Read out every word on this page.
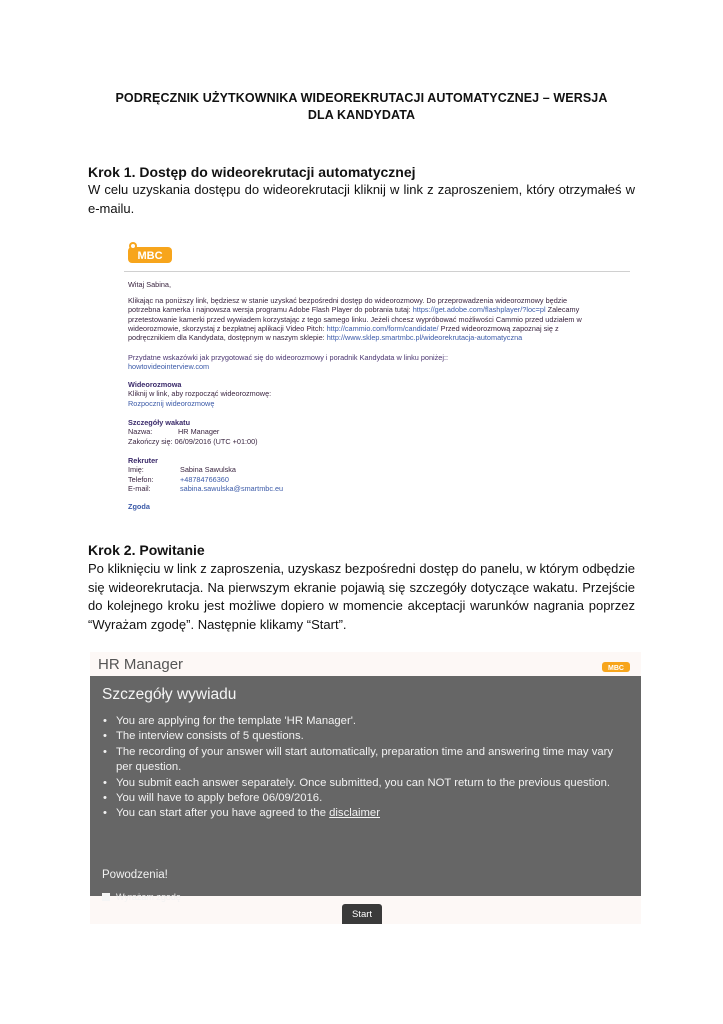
PODRĘCZNIK UŻYTKOWNIKA WIDEOREKRUTACJI AUTOMATYCZNEJ – WERSJA
DLA KANDYDATA
Krok 1. Dostęp do wideorekrutacji automatycznej
W celu uzyskania dostępu do wideorekrutacji kliknij w link z zaproszeniem, który otrzymałeś w e-mailu.
MBC
Witaj Sabina,
Klikając na poniższy link, będziesz w stanie uzyskać bezpośredni dostęp do wideorozmowy. Do przeprowadzenia wideorozmowy będzie
potrzebna kamerka i najnowsza wersja programu Adobe Flash Player do pobrania tutaj: https://get.adobe.com/flashplayer/?loc=pl Zalecamy
przetestowanie kamerki przed wywiadem korzystając z tego samego linku. Jeżeli chcesz wypróbować możliwości Cammio przed udziałem w
wideorozmowie, skorzystaj z bezpłatnej aplikacji Video Pitch: http://cammio.com/form/candidate/ Przed wideorozmową zapoznaj się z
podręcznikiem dla Kandydata, dostępnym w naszym sklepie: http://www.sklep.smartmbc.pl/wideorekrutacja-automatyczna
Przydatne wskazówki jak przygotować się do wideorozmowy i poradnik Kandydata w linku poniżej::
howtovideointerview.com
Wideorozmowa
Kliknij w link, aby rozpocząć wideorozmowę:
Rozpocznij wideorozmowę
Szczegóły wakatu
Nazwa:	HR Manager
Zakończy się:
06/09/2016 (UTC +01:00)
Rekruter
Imię:	Sabina Sawulska
Telefon:	+48784766360
E-mail:	sabina.sawulska@smartmbc.eu
Zgoda
Krok 2. Powitanie
Po kliknięciu w link z zaproszenia, uzyskasz bezpośredni dostęp do panelu, w którym odbędzie się wideorekrutacja. Na pierwszym ekranie pojawią się szczegóły dotyczące wakatu. Przejście do kolejnego kroku jest możliwe dopiero w momencie akceptacji warunków nagrania poprzez “Wyrażam zgodę”. Następnie klikamy “Start”.
HR Manager	MBC
Szczegóły wywiadu
• You are applying for the template 'HR Manager'.
• The interview consists of 5 questions.
• The recording of your answer will start automatically, preparation time and answering time may vary per question.
• You submit each answer separately. Once submitted, you can NOT return to the previous question.
• You will have to apply before 06/09/2016.
• You can start after you have agreed to the disclaimer
Powodzenia!
Wyrażam zgodę
Start
